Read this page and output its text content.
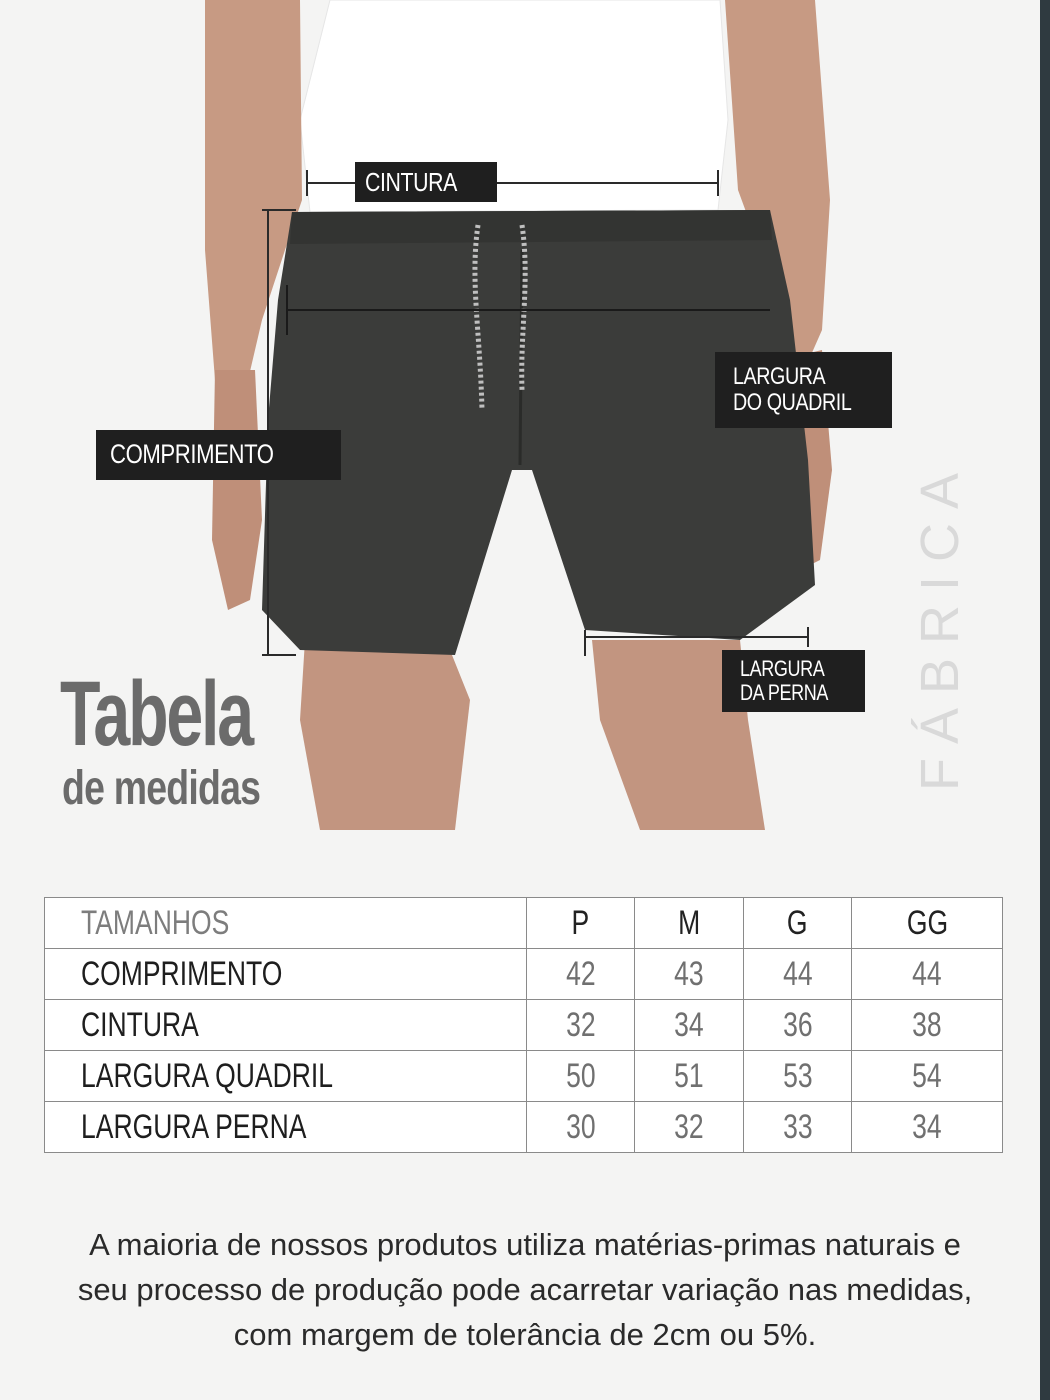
CINTURA
LARGURA
DO QUADRIL
COMPRIMENTO
LARGURA
DA PERNA
Tabela
de medidas	FÁBRICA
TAMANHOS	P	M	G	GG
COMPRIMENTO	42	43	44	44
CINTURA	32	34	36	38
LARGURA QUADRIL	50	51	53	54
LARGURA PERNA	30	32	33	34
A maioria de nossos produtos utiliza matérias-primas naturais e
seu processo de produção pode acarretar variação nas medidas,
com margem de tolerância de 2cm ou 5%.
